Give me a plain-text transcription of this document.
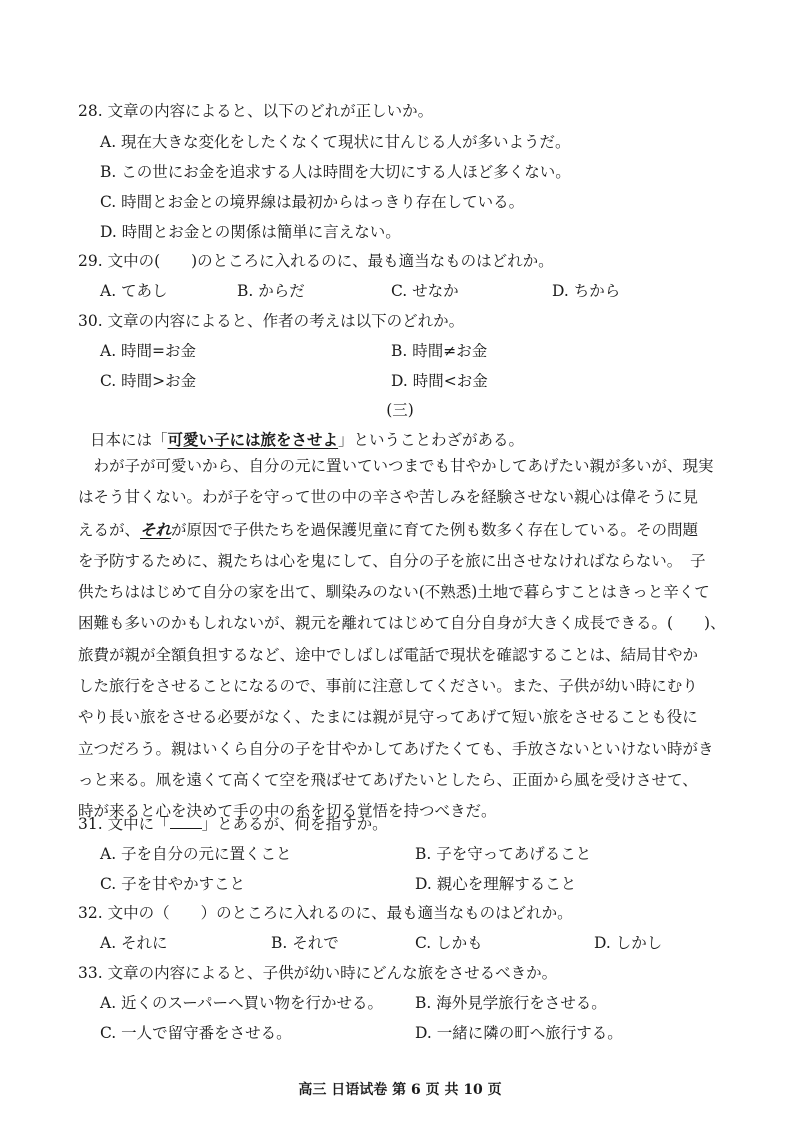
28. 文章の内容によると、以下のどれが正しいか。
A. 現在大きな変化をしたくなくて現状に甘んじる人が多いようだ。
B. この世にお金を追求する人は時間を大切にする人ほど多くない。
C. 時間とお金との境界線は最初からはっきり存在している。
D. 時間とお金との関係は簡単に言えない。
29. 文中の(　　)のところに入れるのに、最も適当なものはどれか。
A. てあし	B. からだ	C. せなか	D. ちから
30. 文章の内容によると、作者の考えは以下のどれか。
A. 時間=お金	B. 時間≠お金
C. 時間>お金	D. 時間<お金
(三)
日本には「可愛い子には旅をさせよ」ということわざがある。
　わが子が可愛いから、自分の元に置いていつまでも甘やかしてあげたい親が多いが、現実
はそう甘くない。わが子を守って世の中の辛さや苦しみを経験させない親心は偉そうに見
えるが、それが原因で子供たちを過保護児童に育てた例も数多く存在している。その問題
を予防するために、親たちは心を鬼にして、自分の子を旅に出させなければならない。　子
供たちははじめて自分の家を出て、馴染みのない(不熟悉)土地で暮らすことはきっと辛くて
困難も多いのかもしれないが、親元を離れてはじめて自分自身が大きく成長できる。(　　)、
旅費が親が全額負担するなど、途中でしばしば電話で現状を確認することは、結局甘やか
した旅行をさせることになるので、事前に注意してください。また、子供が幼い時にむり
やり長い旅をさせる必要がなく、たまには親が見守ってあげて短い旅をさせることも役に
立つだろう。親はいくら自分の子を甘やかしてあげたくても、手放さないといけない時がき
っと来る。凧を遠くて高くて空を飛ばせてあげたいとしたら、正面から風を受けさせて、
時が来ると心を決めて手の中の糸を切る覚悟を持つべきだ。
31. 文中に「 」とあるが、何を指すか。
A. 子を自分の元に置くこと	B. 子を守ってあげること
C. 子を甘やかすこと	D. 親心を理解すること
32. 文中の（　　）のところに入れるのに、最も適当なものはどれか。
A. それに	B. それで	C. しかも	D. しかし
33. 文章の内容によると、子供が幼い時にどんな旅をさせるべきか。
A. 近くのスーパーへ買い物を行かせる。 B. 海外見学旅行をさせる。
C. 一人で留守番をさせる。	D. 一緒に隣の町へ旅行する。
高三 日语试卷 第 6 页 共 10 页
